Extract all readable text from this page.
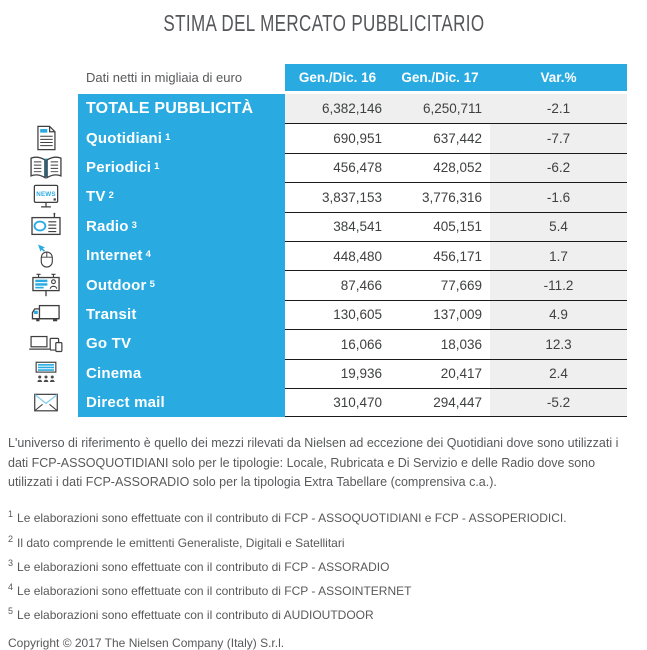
STIMA DEL MERCATO PUBBLICITARIO
Dati netti in migliaia di euro	Gen./Dic. 16	Gen./Dic. 17	Var.%
TOTALE PUBBLICITÀ	6,382,146	6,250,711	-2.1
Quotidiani $^1$	690,951	637,442	-7.7
Periodici $^1$	456,478	428,052	-6.2
NEWS TV $^2$	3,837,153	3,776,316	-1.6
Radio $^3$	384,541	405,151	5.4
Internet $^4$	448,480	456,171	1.7
Outdoor $^5$	87,466	77,669	-11.2
Transit	130,605	137,009	4.9
Go TV	16,066	18,036	12.3
Cinema	19,936	20,417	2.4
Direct mail	310,470	294,447	-5.2

L'universo di riferimento è quello dei mezzi rilevati da Nielsen ad eccezione dei Quotidiani dove sono utilizzati i dati FCP-ASSOQUOTIDIANI solo per le tipologie: Locale, Rubricata e Di Servizio e delle Radio dove sono utilizzati i dati FCP-ASSORADIO solo per la tipologia Extra Tabellare (comprensiva c.a.).

$^1$ Le elaborazioni sono effettuate con il contributo di FCP - ASSOQUOTIDIANI e FCP - ASSOPERIODICI.
$^2$ Il dato comprende le emittenti Generaliste, Digitali e Satellitari
$^3$ Le elaborazioni sono effettuate con il contributo di FCP - ASSORADIO
$^4$ Le elaborazioni sono effettuate con il contributo di FCP - ASSOINTERNET
$^5$ Le elaborazioni sono effettuate con il contributo di AUDIOUTDOOR
Copyright © 2017 The Nielsen Company (Italy) S.r.l.
